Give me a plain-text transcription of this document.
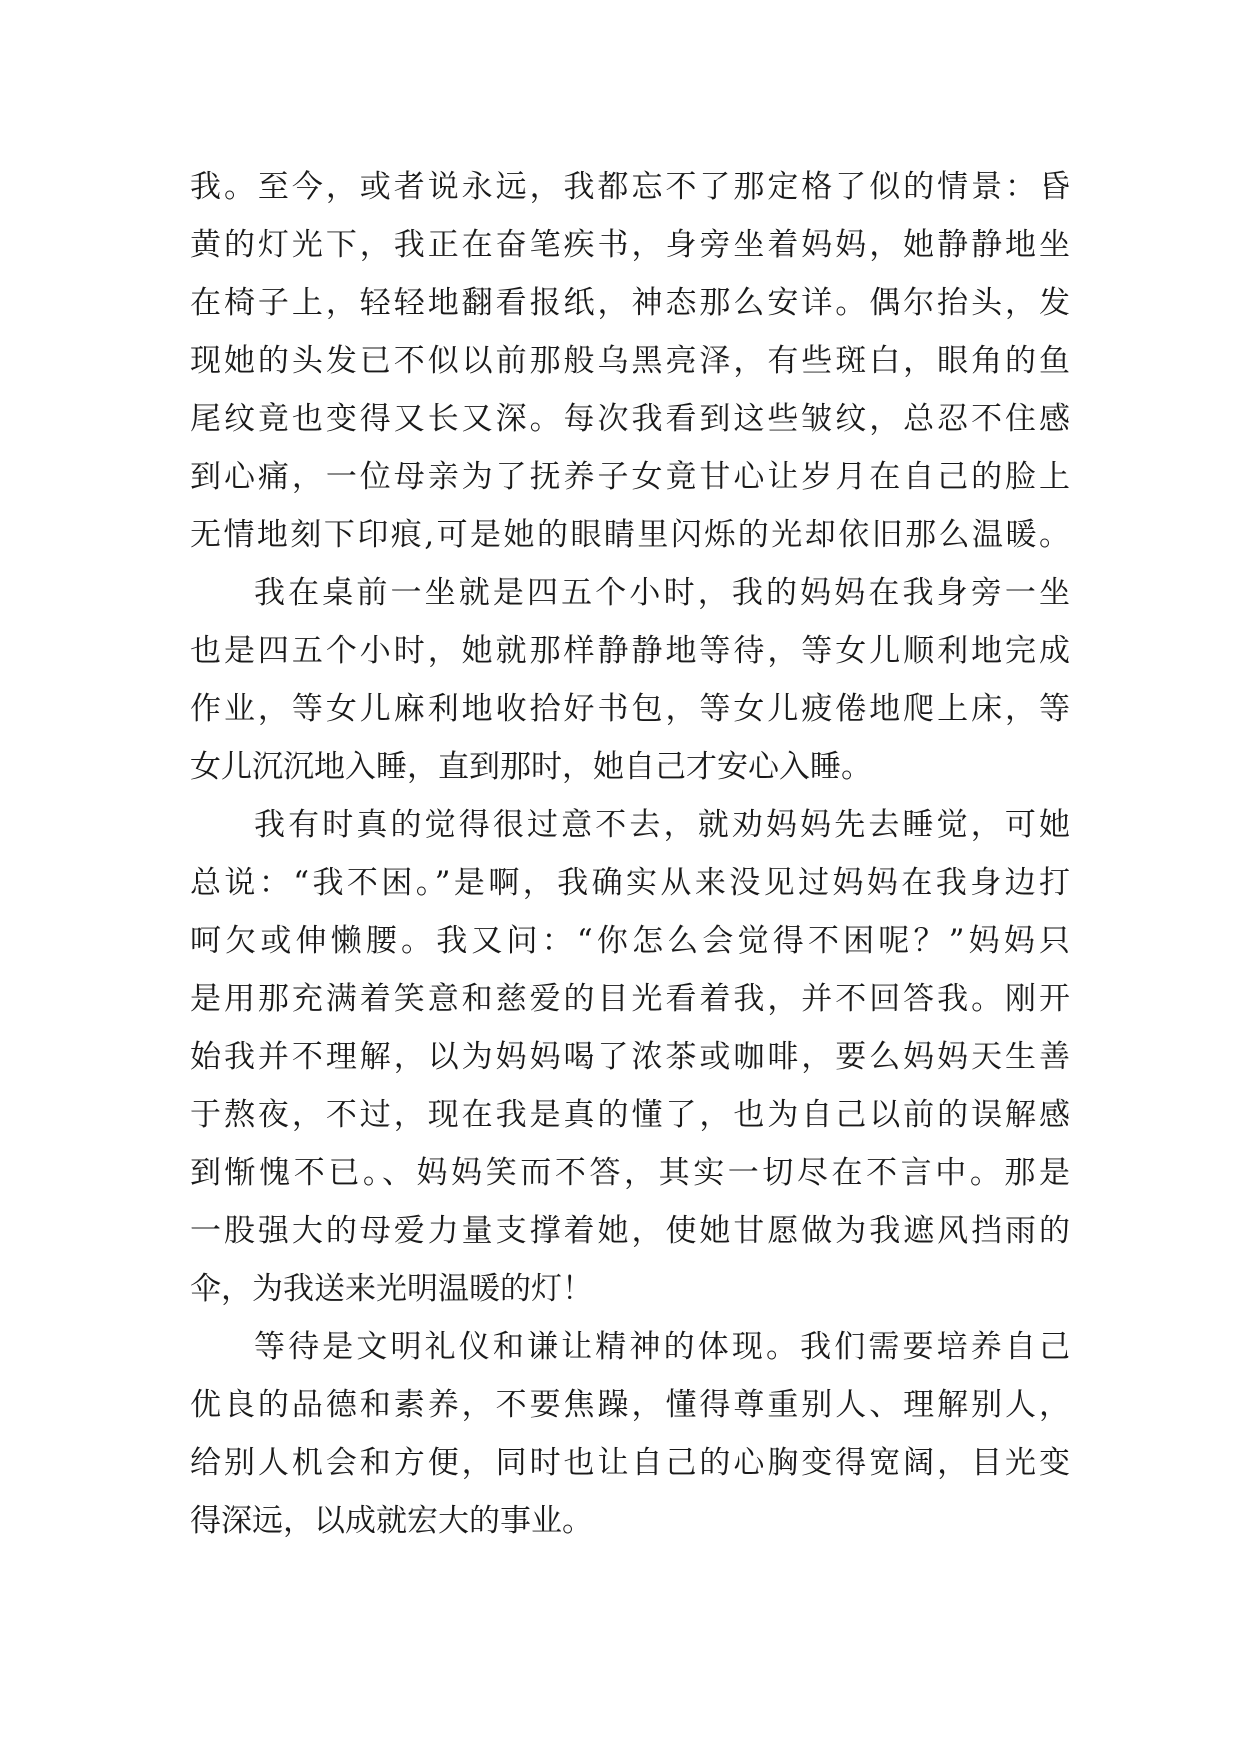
我。至今，或者说永远，我都忘不了那定格了似的情景：昏
黄的灯光下，我正在奋笔疾书，身旁坐着妈妈，她静静地坐
在椅子上，轻轻地翻看报纸，神态那么安详。偶尔抬头，发
现她的头发已不似以前那般乌黑亮泽，有些斑白，眼角的鱼
尾纹竟也变得又长又深。每次我看到这些皱纹，总忍不住感
到心痛，一位母亲为了抚养子女竟甘心让岁月在自己的脸上
无情地刻下印痕,可是她的眼睛里闪烁的光却依旧那么温暖。
我在桌前一坐就是四五个小时，我的妈妈在我身旁一坐
也是四五个小时，她就那样静静地等待，等女儿顺利地完成
作业，等女儿麻利地收拾好书包，等女儿疲倦地爬上床，等
女儿沉沉地入睡，直到那时，她自己才安心入睡。
我有时真的觉得很过意不去，就劝妈妈先去睡觉，可她
总说：“我不困。”是啊，我确实从来没见过妈妈在我身边打
呵欠或伸懒腰。我又问：“你怎么会觉得不困呢？”妈妈只
是用那充满着笑意和慈爱的目光看着我，并不回答我。刚开
始我并不理解，以为妈妈喝了浓茶或咖啡，要么妈妈天生善
于熬夜，不过，现在我是真的懂了，也为自己以前的误解感
到惭愧不已。、妈妈笑而不答，其实一切尽在不言中。那是
一股强大的母爱力量支撑着她，使她甘愿做为我遮风挡雨的
伞，为我送来光明温暖的灯！
等待是文明礼仪和谦让精神的体现。我们需要培养自己
优良的品德和素养，不要焦躁，懂得尊重别人、理解别人，
给别人机会和方便，同时也让自己的心胸变得宽阔，目光变
得深远，以成就宏大的事业。
